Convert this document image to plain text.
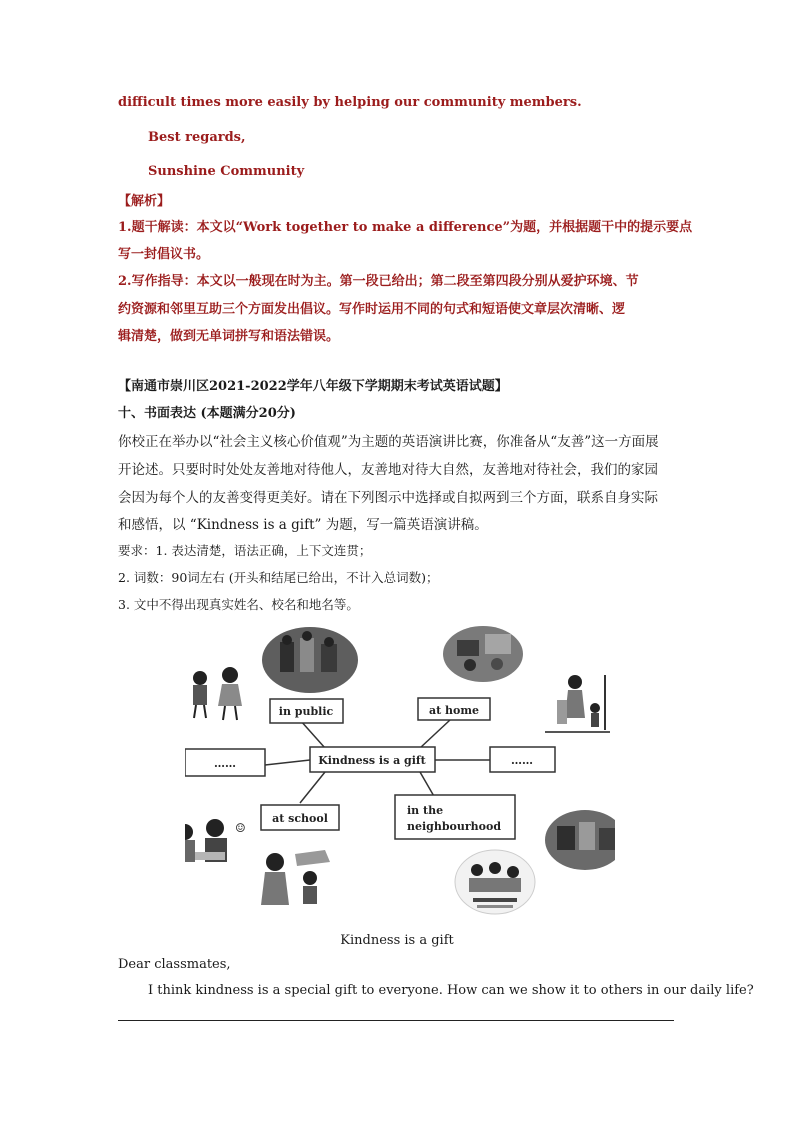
difficult times more easily by helping our community members.
Best regards,
Sunshine Community
【解析】
1.题干解读：本文以“Work together to make a difference”为题，并根据题干中的提示要点
写一封倡议书。
2.写作指导：本文以一般现在时为主。第一段已给出；第二段至第四段分别从爱护环境、节
约资源和邻里互助三个方面发出倡议。写作时运用不同的句式和短语使文章层次清晰、逻
辑清楚，做到无单词拼写和语法错误。
【南通市崇川区2021-2022学年八年级下学期期末考试英语试题】
十、书面表达 (本题满分20分)
你校正在举办以“社会主义核心价值观”为主题的英语演讲比赛，你准备从“友善”这一方面展
开论述。只要时时处处友善地对待他人，友善地对待大自然，友善地对待社会，我们的家园
会因为每个人的友善变得更美好。请在下列图示中选择或自拟两到三个方面，联系自身实际
和感悟，以 “Kindness is a gift” 为题，写一篇英语演讲稿。
要求：1. 表达清楚，语法正确，上下文连贯；
2. 词数：90词左右 (开头和结尾已给出，不计入总词数)；
3. 文中不得出现真实姓名、校名和地名等。
☺
Kindness is a gift
in public	at home
……	……
at school
in the
neighbourhood
Kindness is a gift
Dear classmates,
I think kindness is a special gift to everyone. How can we show it to others in our daily life?
